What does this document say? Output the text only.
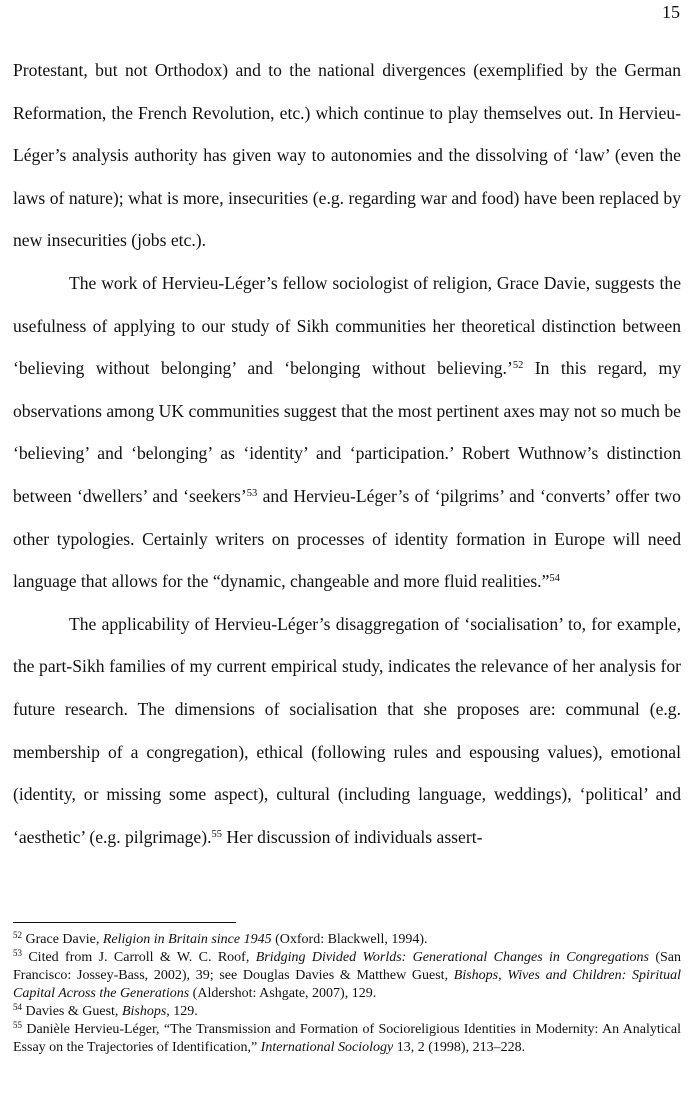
15

Protestant, but not Orthodox) and to the national divergences (exemplified by the German Reformation, the French Revolution, etc.) which continue to play themselves out. In Hervieu-Léger’s analysis authority has given way to autonomies and the dissolving of ‘law’ (even the laws of nature); what is more, insecurities (e.g. regarding war and food) have been replaced by new insecurities (jobs etc.).

The work of Hervieu-Léger’s fellow sociologist of religion, Grace Davie, suggests the usefulness of applying to our study of Sikh communities her theoretical distinction between ‘believing without belonging’ and ‘belonging without believing.’$^{52}$ In this regard, my observations among UK communities suggest that the most pertinent axes may not so much be ‘believing’ and ‘belonging’ as ‘identity’ and ‘participation.’ Robert Wuthnow’s distinction between ‘dwellers’ and ‘seekers’$^{53}$ and Hervieu-Léger’s of ‘pilgrims’ and ‘converts’ offer two other typologies. Certainly writers on processes of identity formation in Europe will need language that allows for the “dynamic, changeable and more fluid realities.”$^{54}$

The applicability of Hervieu-Léger’s disaggregation of ‘socialisation’ to, for example, the part-Sikh families of my current empirical study, indicates the relevance of her analysis for future research. The dimensions of socialisation that she proposes are: communal (e.g. membership of a congregation), ethical (following rules and espousing values), emotional (identity, or missing some aspect), cultural (including language, weddings), ‘political’ and ‘aesthetic’ (e.g. pilgrimage).$^{55}$ Her discussion of individuals assert-

$^{52}$ Grace Davie, Religion in Britain since 1945 (Oxford: Blackwell, 1994).

$^{53}$ Cited from J. Carroll & W. C. Roof, Bridging Divided Worlds: Generational Changes in Congregations (San Francisco: Jossey-Bass, 2002), 39; see Douglas Davies & Matthew Guest, Bishops, Wives and Children: Spiritual Capital Across the Generations (Aldershot: Ashgate, 2007), 129.

$^{54}$ Davies & Guest, Bishops, 129.

$^{55}$ Danièle Hervieu-Léger, “The Transmission and Formation of Socioreligious Identities in Modernity: An Analytical Essay on the Trajectories of Identification,” International Sociology 13, 2 (1998), 213–228.
